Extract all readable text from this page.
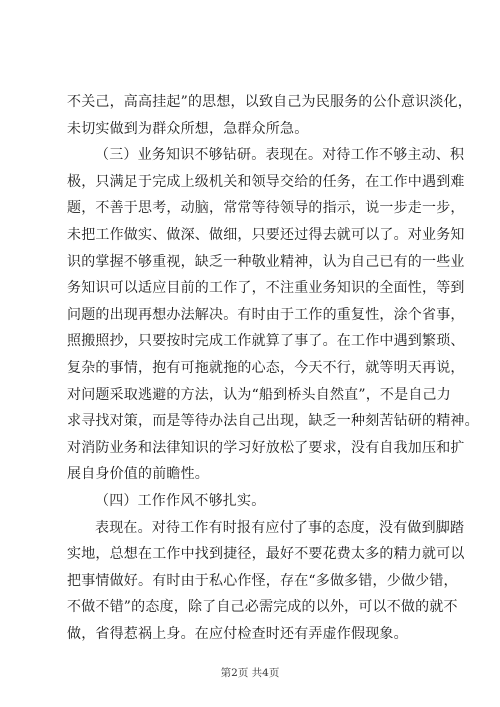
不关己，高高挂起”的思想，以致自己为民服务的公仆意识淡化，
未切实做到为群众所想，急群众所急。
（三）业务知识不够钻研。表现在。对待工作不够主动、积
极，只满足于完成上级机关和领导交给的任务，在工作中遇到难
题，不善于思考，动脑，常常等待领导的指示，说一步走一步，
未把工作做实、做深、做细，只要还过得去就可以了。对业务知
识的掌握不够重视，缺乏一种敬业精神，认为自己已有的一些业
务知识可以适应目前的工作了，不注重业务知识的全面性，等到
问题的出现再想办法解决。有时由于工作的重复性，涂个省事，
照搬照抄，只要按时完成工作就算了事了。在工作中遇到繁琐、
复杂的事情，抱有可拖就拖的心态，今天不行，就等明天再说，
对问题采取逃避的方法，认为“船到桥头自然直”，不是自己力
求寻找对策，而是等待办法自己出现，缺乏一种刻苦钻研的精神。
对消防业务和法律知识的学习好放松了要求，没有自我加压和扩
展自身价值的前瞻性。
（四）工作作风不够扎实。
表现在。对待工作有时报有应付了事的态度，没有做到脚踏
实地，总想在工作中找到捷径，最好不要花费太多的精力就可以
把事情做好。有时由于私心作怪，存在“多做多错，少做少错，
不做不错”的态度，除了自己必需完成的以外，可以不做的就不
做，省得惹祸上身。在应付检查时还有弄虚作假现象。
第2页 共4页
